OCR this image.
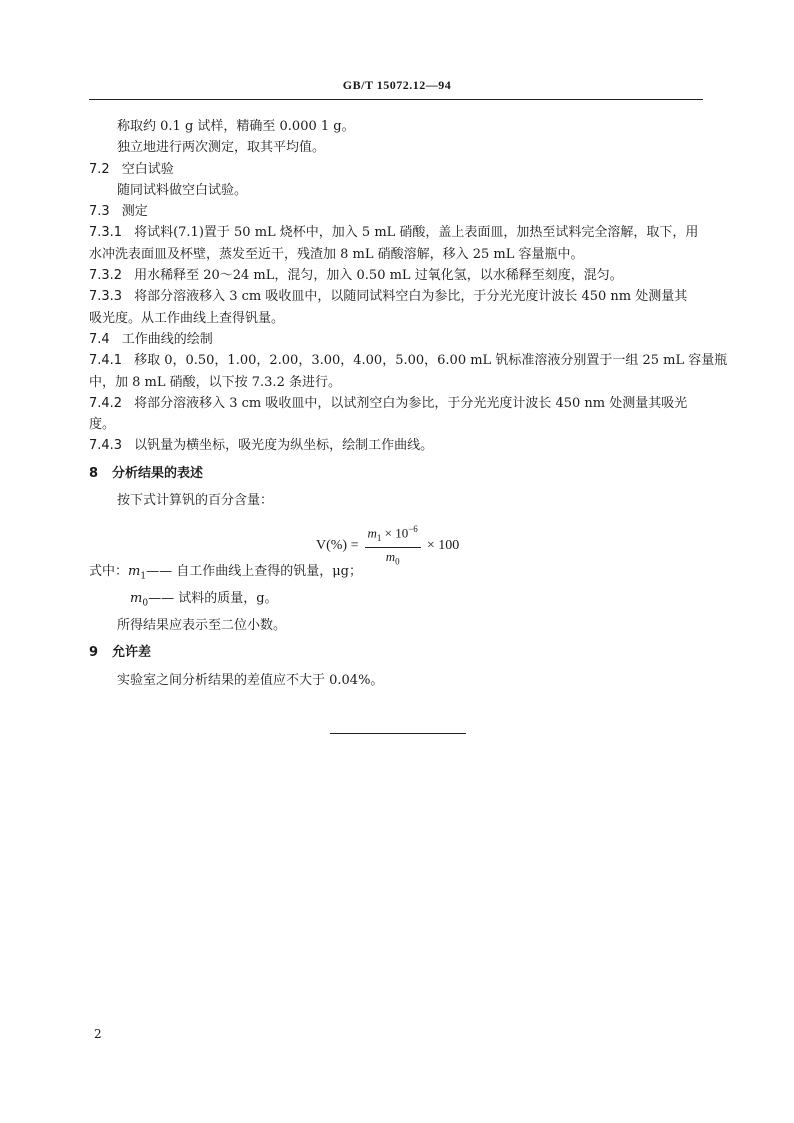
GB/T 15072.12—94
称取约 0.1 g 试样，精确至 0.000 1 g。
独立地进行两次测定，取其平均值。
7.2 空白试验
随同试料做空白试验。
7.3 测定
7.3.1 将试料(7.1)置于 50 mL 烧杯中，加入 5 mL 硝酸，盖上表面皿，加热至试料完全溶解，取下，用
水冲洗表面皿及杯壁，蒸发至近干，残渣加 8 mL 硝酸溶解，移入 25 mL 容量瓶中。
7.3.2 用水稀释至 20～24 mL，混匀，加入 0.50 mL 过氧化氢，以水稀释至刻度，混匀。
7.3.3 将部分溶液移入 3 cm 吸收皿中，以随同试料空白为参比，于分光光度计波长 450 nm 处测量其
吸光度。从工作曲线上查得钒量。
7.4 工作曲线的绘制
7.4.1 移取 0，0.50，1.00，2.00，3.00，4.00，5.00，6.00 mL 钒标准溶液分别置于一组 25 mL 容量瓶
中，加 8 mL 硝酸，以下按 7.3.2 条进行。
7.4.2 将部分溶液移入 3 cm 吸收皿中，以试剂空白为参比，于分光光度计波长 450 nm 处测量其吸光
度。
7.4.3 以钒量为横坐标，吸光度为纵坐标，绘制工作曲线。
8 分析结果的表述
按下式计算钒的百分含量：
$V(\%) = \frac{m_1 \times 10^{-6}}{m_0} \times 100$
式中：$m_1——$ 自工作曲线上查得的钒量，μg；
$m_0——$ 试料的质量，g。
所得结果应表示至二位小数。
9 允许差
实验室之间分析结果的差值应不大于 0.04%。
2
